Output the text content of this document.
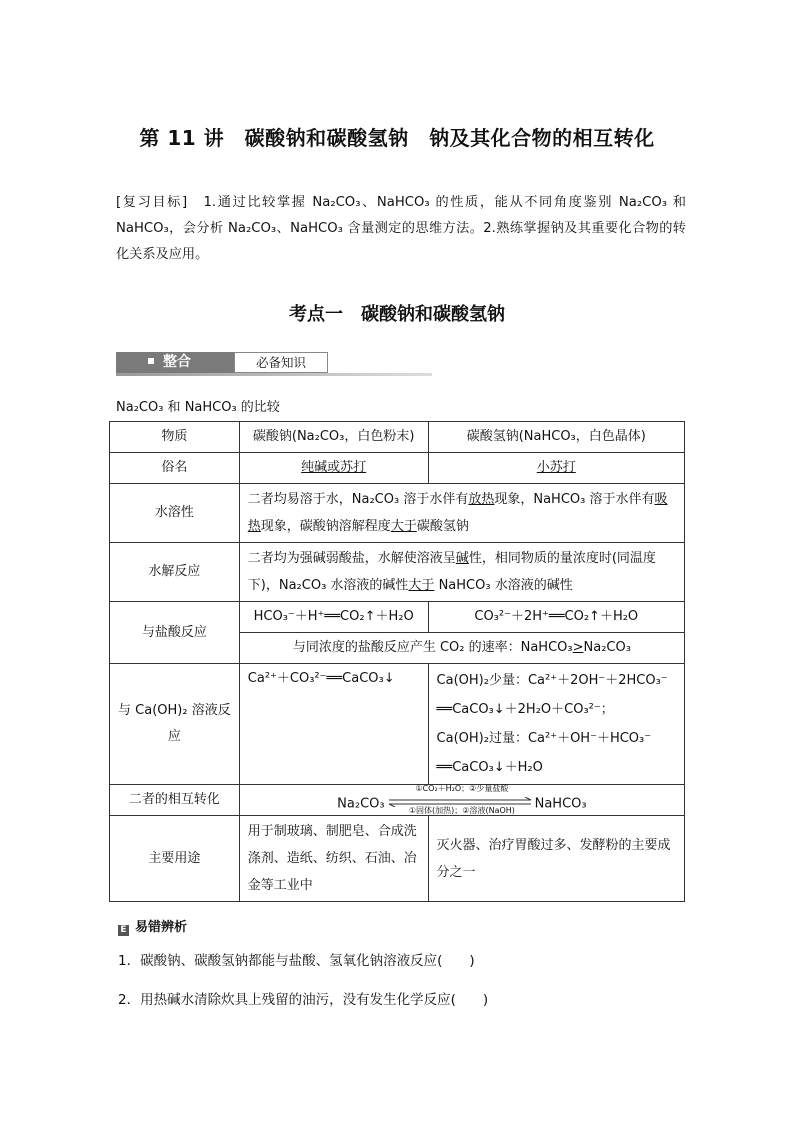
第 11 讲　碳酸钠和碳酸氢钠　钠及其化合物的相互转化
[复习目标]　1.通过比较掌握 Na₂CO₃、NaHCO₃ 的性质，能从不同角度鉴别 Na₂CO₃ 和 NaHCO₃，会分析 Na₂CO₃、NaHCO₃ 含量测定的思维方法。2.熟练掌握钠及其重要化合物的转化关系及应用。
考点一　碳酸钠和碳酸氢钠
整合	必备知识
Na₂CO₃ 和 NaHCO₃ 的比较
物质	碳酸钠(Na₂CO₃，白色粉末)	碳酸氢钠(NaHCO₃，白色晶体)
俗名	纯碱或苏打	小苏打
水溶性	二者均易溶于水，Na₂CO₃ 溶于水伴有放热现象，NaHCO₃ 溶于水伴有吸热现象，碳酸钠溶解程度大于碳酸氢钠	
水解反应	二者均为强碱弱酸盐，水解使溶液呈碱性，相同物质的量浓度时(同温度下)，Na₂CO₃ 水溶液的碱性大于 NaHCO₃ 水溶液的碱性	
与盐酸反应	HCO₃⁻＋H⁺══CO₂↑＋H₂O	CO₃²⁻＋2H⁺══CO₂↑＋H₂O
	与同浓度的盐酸反应产生 CO₂ 的速率：NaHCO₃>Na₂CO₃	
与 Ca(OH)₂ 溶液反应	Ca²⁺＋CO₃²⁻══CaCO₃↓	Ca(OH)₂少量：Ca²⁺＋2OH⁻＋2HCO₃⁻
══CaCO₃↓＋2H₂O＋CO₃²⁻；
Ca(OH)₂过量：Ca²⁺＋OH⁻＋HCO₃⁻
══CaCO₃↓＋H₂O

二者的相互转化	①CO₂＋H₂O；②少量盐酸
Na₂CO₃ NaHCO₃
①固体(加热)；②溶液(NaOH)	

主要用途	用于制玻璃、制肥皂、合成洗涤剂、造纸、纺织、石油、冶金等工业中	灭火器、治疗胃酸过多、发酵粉的主要成分之一
E 易错辨析
1．碳酸钠、碳酸氢钠都能与盐酸、氢氧化钠溶液反应(　　)
2．用热碱水清除炊具上残留的油污，没有发生化学反应(　　)
